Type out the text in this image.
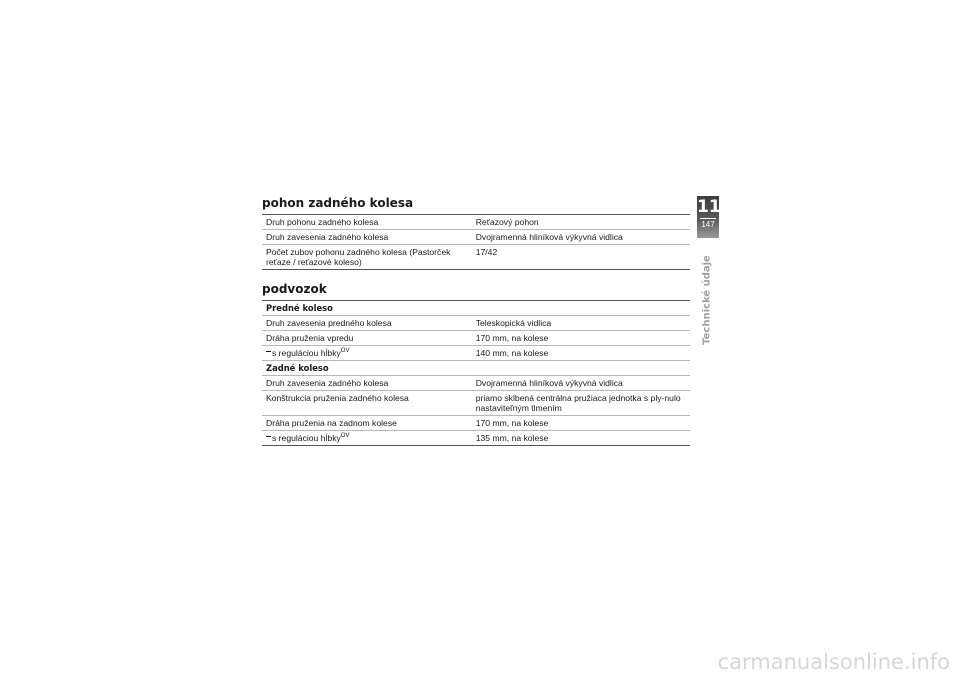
pohon zadného kolesa
Druh pohonu zadného kolesa	Reťazový pohon
Druh zavesenia zadného kolesa	Dvojramenná hliníková výkyvná vidlica
Počet zubov pohonu zadného kolesa (Pastorček reťaze / reťazové koleso)	17/42
podvozok
Predné koleso	
Druh zavesenia predného kolesa	Teleskopická vidlica
Dráha pruženia vpredu	170 mm, na kolese
s reguláciou hĺbky$^{OV}$	140 mm, na kolese
Zadné koleso	
Druh zavesenia zadného kolesa	Dvojramenná hliníková výkyvná vidlica
Konštrukcia pruženia zadného kolesa	priamo sklbená centrálna pružiaca jednotka s ply-nulo nastaviteľným tlmením
Dráha pruženia na zadnom kolese	170 mm, na kolese
s reguláciou hĺbky$^{OV}$	135 mm, na kolese
11
147
Technické údaje
carmanualsonline.info
